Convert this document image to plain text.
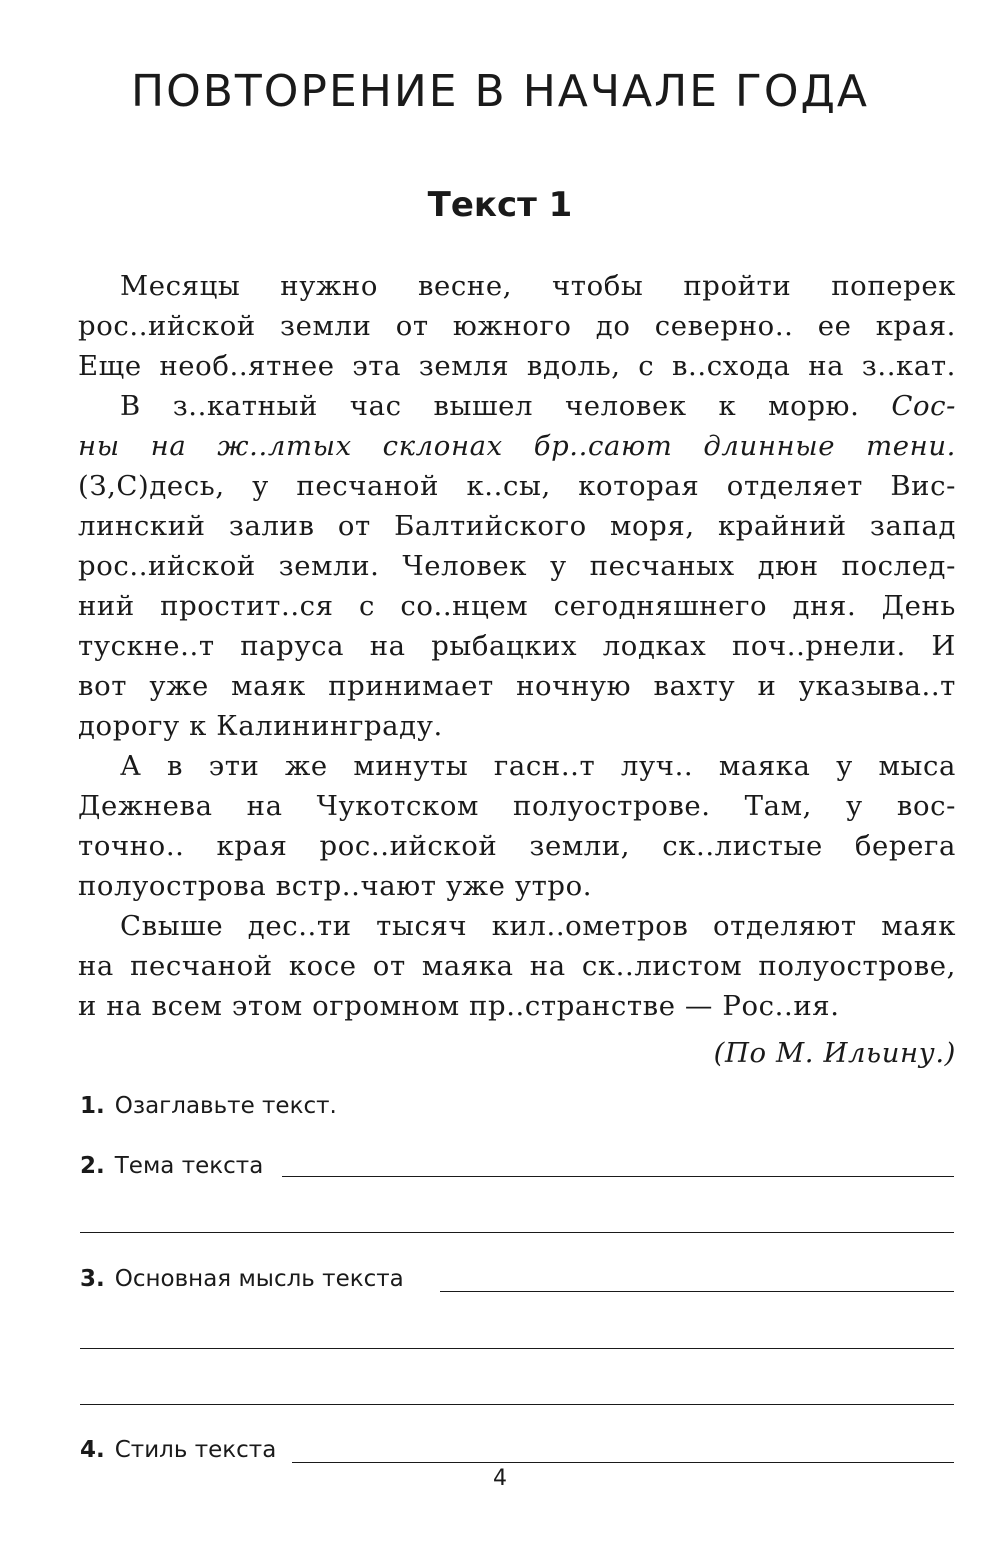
ПОВТОРЕНИЕ В НАЧАЛЕ ГОДА
Текст 1
Месяцы нужно весне, чтобы пройти поперек
рос..ийской земли от южного до северно.. ее края.
Еще необ..ятнее эта земля вдоль, с в..схода на з..кат.
В з..катный час вышел человек к морю. Сос-
ны на ж..лтых склонах бр..сают длинные тени.
(З,С)десь, у песчаной к..сы, которая отделяет Вис-
линский залив от Балтийского моря, крайний запад
рос..ийской земли. Человек у песчаных дюн послед-
ний простит..ся с со..нцем сегодняшнего дня. День
тускне..т паруса на рыбацких лодках поч..рнели. И
вот уже маяк принимает ночную вахту и указыва..т
дорогу к Калининграду.
А в эти же минуты гасн..т луч.. маяка у мыса
Дежнева на Чукотском полуострове. Там, у вос-
точно.. края рос..ийской земли, ск..листые берега
полуострова встр..чают уже утро.
Свыше дес..ти тысяч кил..ометров отделяют маяк
на песчаной косе от маяка на ск..листом полуострове,
и на всем этом огромном пр..странстве — Рос..ия.
(По М. Ильину.)
1. Озаглавьте текст.
2. Тема текста
3. Основная мысль текста
4. Стиль текста
4
